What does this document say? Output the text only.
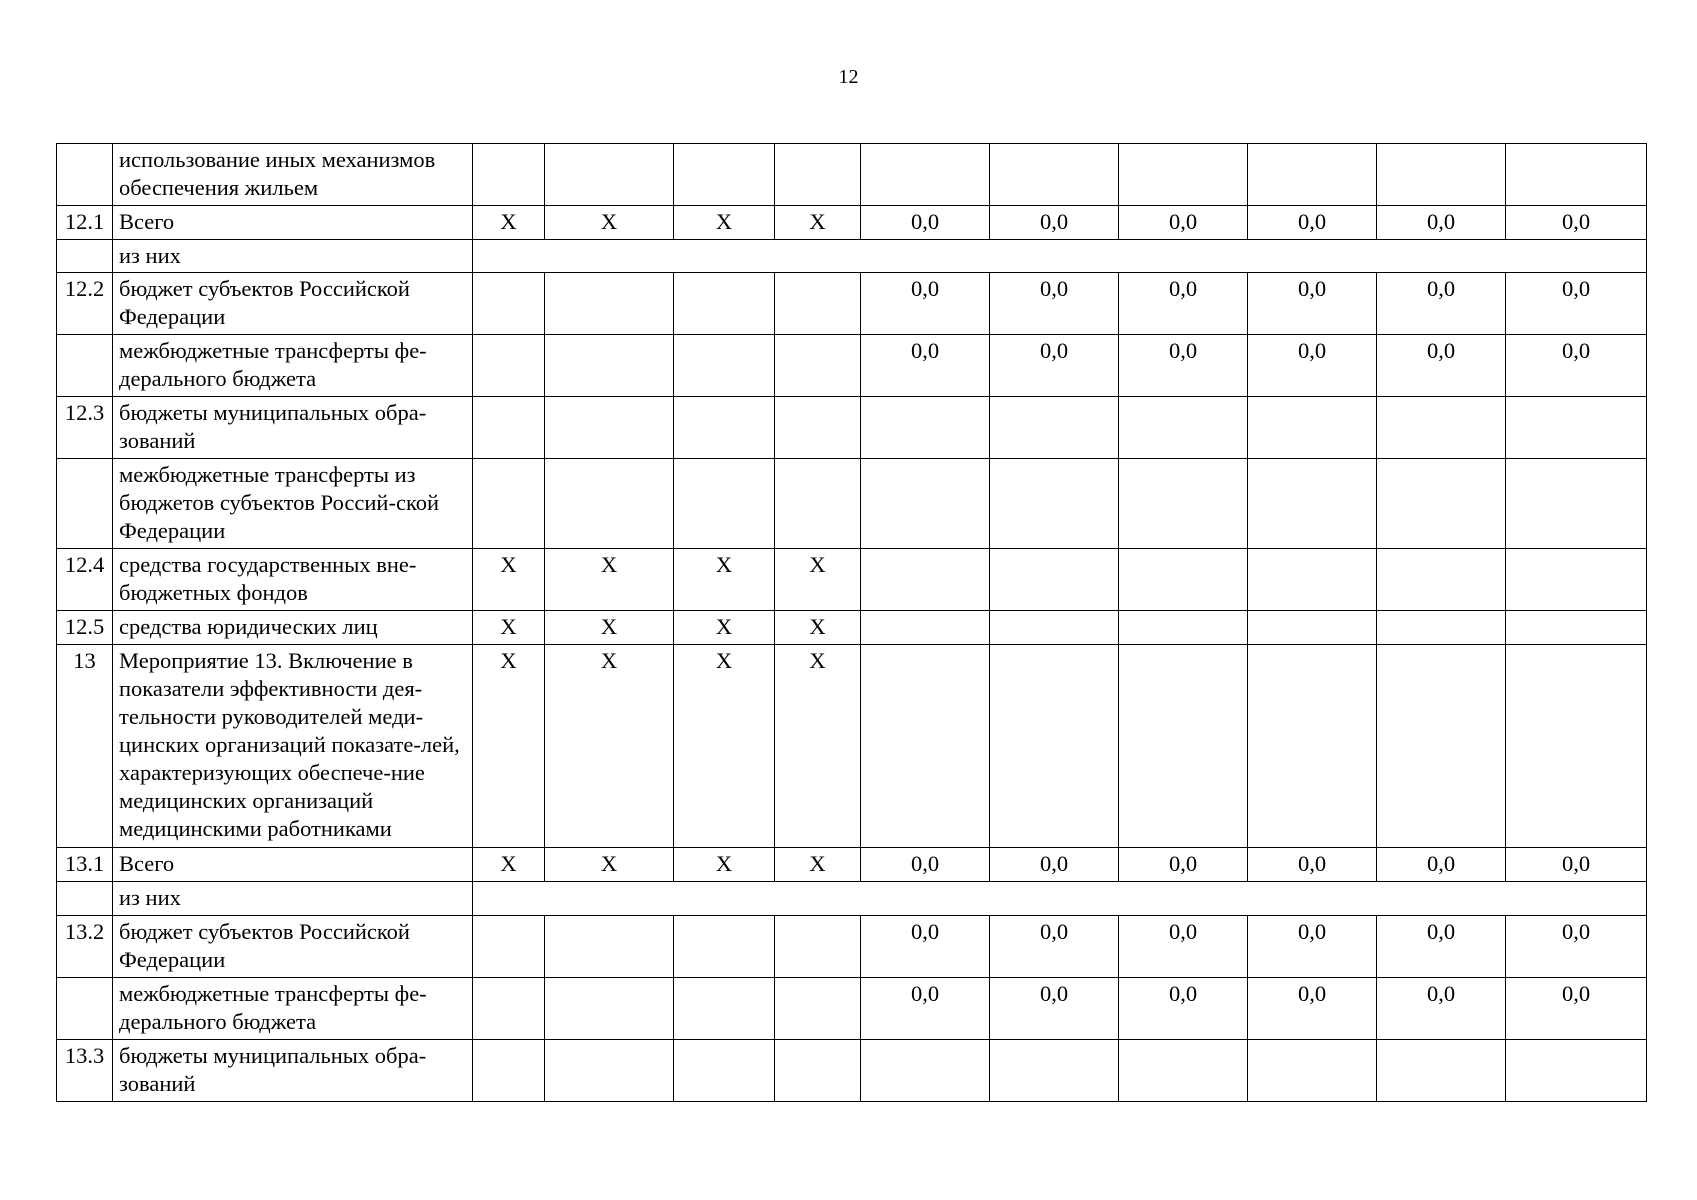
12
	использование иных механизмов обеспечения жильем										
12.1	Всего	X	X	X	X	0,0	0,0	0,0	0,0	0,0	0,0
	из них										
12.2	бюджет субъектов Российской Федерации					0,0	0,0	0,0	0,0	0,0	0,0
	межбюджетные трансферты фе-деральнoго бюджета					0,0	0,0	0,0	0,0	0,0	0,0
12.3	бюджеты муниципальных обра-зований										
	межбюджетные трансферты из бюджетов субъектов Россий-ской Федерации										
12.4	средства государственных вне-бюджетных фондов	X	X	X	X						
12.5	средства юридических лиц	X	X	X	X						
13	Мероприятие 13. Включение в показатели эффективности дея-тельности руководителей меди-цинских организаций показате-лей, характеризующих обеспече-ние медицинских организаций медицинскими работниками	X	X	X	X						
13.1	Всего	X	X	X	X	0,0	0,0	0,0	0,0	0,0	0,0
	из них										
13.2	бюджет субъектов Российской Федерации					0,0	0,0	0,0	0,0	0,0	0,0
	межбюджетные трансферты фе-дерального бюджета					0,0	0,0	0,0	0,0	0,0	0,0
13.3	бюджеты муниципальных обра-зований										
